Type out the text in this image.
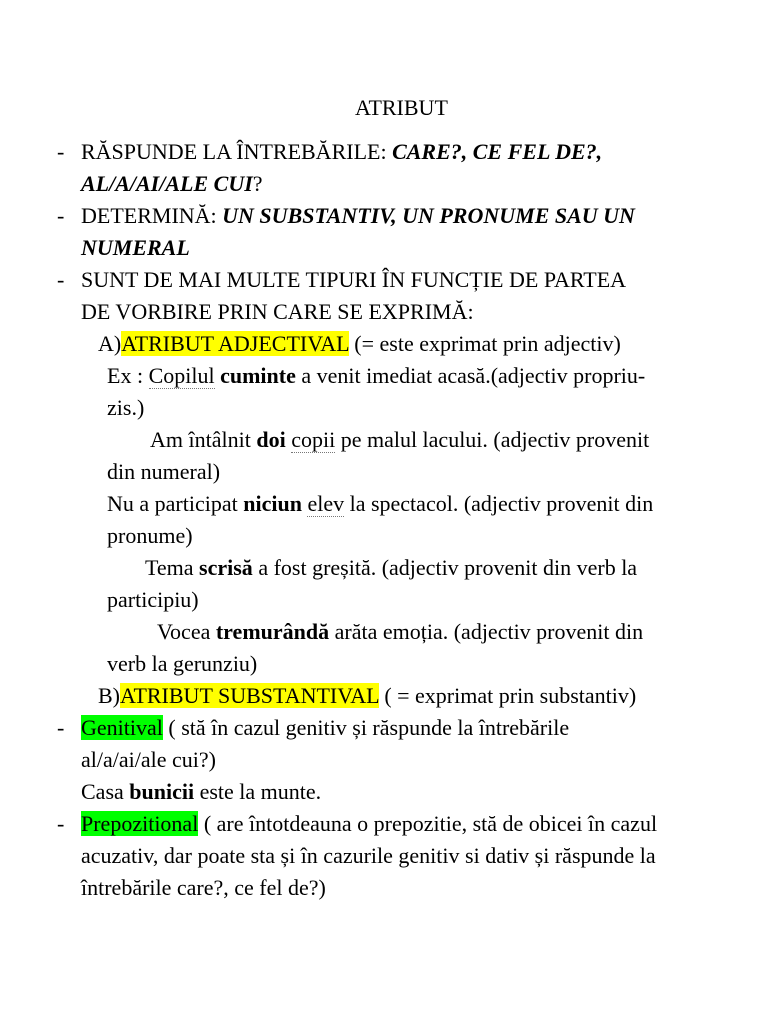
ATRIBUT
- RĂSPUNDE LA ÎNTREBĂRILE: CARE?, CE FEL DE?,
AL/A/AI/ALE CUI?
- DETERMINĂ: UN SUBSTANTIV, UN PRONUME SAU UN
NUMERAL
- SUNT DE MAI MULTE TIPURI ÎN FUNCȚIE DE PARTEA
DE VORBIRE PRIN CARE SE EXPRIMĂ:
A)ATRIBUT ADJECTIVAL (= este exprimat prin adjectiv)
Ex : Copilul cuminte a venit imediat acasă.(adjectiv propriu-
zis.)
Am întâlnit doi copii pe malul lacului. (adjectiv provenit
din numeral)
Nu a participat niciun elev la spectacol. (adjectiv provenit din
pronume)
Tema scrisă a fost greșită. (adjectiv provenit din verb la
participiu)
Vocea tremurândă arăta emoția. (adjectiv provenit din
verb la gerunziu)
B)ATRIBUT SUBSTANTIVAL ( = exprimat prin substantiv)
- Genitival ( stă în cazul genitiv și răspunde la întrebările
al/a/ai/ale cui?)
Casa bunicii este la munte.
- Prepozitional ( are întotdeauna o prepozitie, stă de obicei în cazul
acuzativ, dar poate sta și în cazurile genitiv si dativ și răspunde la
întrebările care?, ce fel de?)
